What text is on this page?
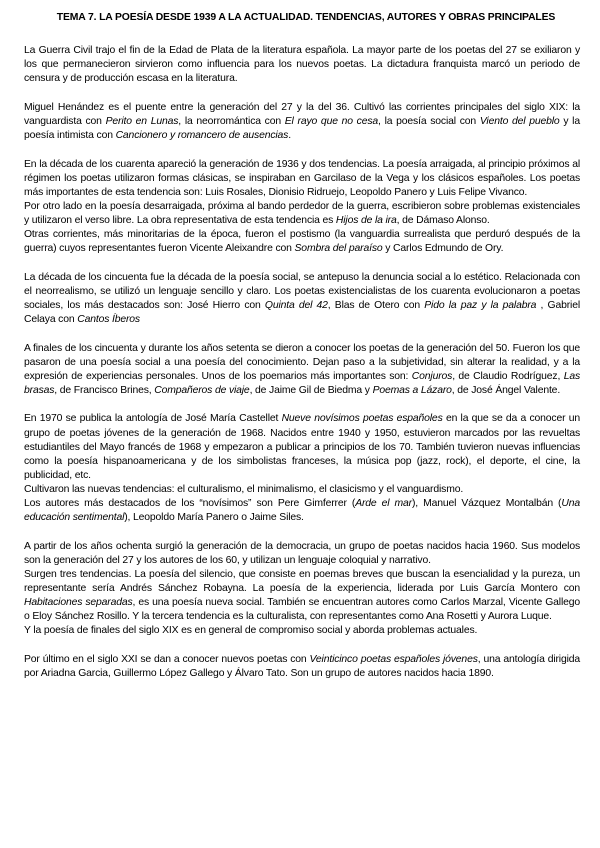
TEMA 7. LA POESÍA DESDE 1939 A LA ACTUALIDAD. TENDENCIAS, AUTORES Y OBRAS PRINCIPALES

La Guerra Civil trajo el fin de la Edad de Plata de la literatura española. La mayor parte de los poetas del 27 se exiliaron y los que permanecieron sirvieron como influencia para los nuevos poetas. La dictadura franquista marcó un periodo de censura y de producción escasa en la literatura.

Miguel Henández es el puente entre la generación del 27 y la del 36. Cultivó las corrientes principales del siglo XIX: la vanguardista con Perito en Lunas, la neorromántica con El rayo que no cesa, la poesía social con Viento del pueblo y la poesía intimista con Cancionero y romancero de ausencias.

En la década de los cuarenta apareció la generación de 1936 y dos tendencias. La poesía arraigada, al principio próximos al régimen los poetas utilizaron formas clásicas, se inspiraban en Garcilaso de la Vega y los clásicos españoles. Los poetas más importantes de esta tendencia son: Luis Rosales, Dionisio Ridruejo, Leopoldo Panero y Luis Felipe Vivanco.

Por otro lado en la poesía desarraigada, próxima al bando perdedor de la guerra, escribieron sobre problemas existenciales y utilizaron el verso libre. La obra representativa de esta tendencia es Hijos de la ira, de Dámaso Alonso.

Otras corrientes, más minoritarias de la época, fueron el postismo (la vanguardia surrealista que perduró después de la guerra) cuyos representantes fueron Vicente Aleixandre con Sombra del paraíso y Carlos Edmundo de Ory.

La década de los cincuenta fue la década de la poesía social, se antepuso la denuncia social a lo estético. Relacionada con el neorrealismo, se utilizó un lenguaje sencillo y claro. Los poetas existencialistas de los cuarenta evolucionaron a poetas sociales, los más destacados son: José Hierro con Quinta del 42, Blas de Otero con Pido la paz y la palabra , Gabriel Celaya con Cantos Íberos

A finales de los cincuenta y durante los años setenta se dieron a conocer los poetas de la generación del 50. Fueron los que pasaron de una poesía social a una poesía del conocimiento. Dejan paso a la subjetividad, sin alterar la realidad, y a la expresión de experiencias personales. Unos de los poemarios más importantes son: Conjuros, de Claudio Rodríguez, Las brasas, de Francisco Brines, Compañeros de viaje, de Jaime Gil de Biedma y Poemas a Lázaro, de José Ángel Valente.

En 1970 se publica la antología de José María Castellet Nueve novísimos poetas españoles en la que se da a conocer un grupo de poetas jóvenes de la generación de 1968. Nacidos entre 1940 y 1950, estuvieron marcados por las revueltas estudiantiles del Mayo francés de 1968 y empezaron a publicar a principios de los 70. También tuvieron nuevas influencias como la poesía hispanoamericana y de los simbolistas franceses, la música pop (jazz, rock), el deporte, el cine, la publicidad, etc.

Cultivaron las nuevas tendencias: el culturalismo, el minimalismo, el clasicismo y el vanguardismo.

Los autores más destacados de los “novísimos” son Pere Gimferrer (Arde el mar), Manuel Vázquez Montalbán (Una educación sentimental), Leopoldo María Panero o Jaime Siles.

A partir de los años ochenta surgió la generación de la democracia, un grupo de poetas nacidos hacia 1960. Sus modelos son la generación del 27 y los autores de los 60, y utilizan un lenguaje coloquial y narrativo.

Surgen tres tendencias. La poesía del silencio, que consiste en poemas breves que buscan la esencialidad y la pureza, un representante sería Andrés Sánchez Robayna. La poesía de la experiencia, liderada por Luis García Montero con Habitaciones separadas, es una poesía nueva social. También se encuentran autores como Carlos Marzal, Vicente Gallego o Eloy Sánchez Rosillo. Y la tercera tendencia es la culturalista, con representantes como Ana Rosetti y Aurora Luque.

Y la poesía de finales del siglo XIX es en general de compromiso social y aborda problemas actuales.

Por último en el siglo XXI se dan a conocer nuevos poetas con Veinticinco poetas españoles jóvenes, una antología dirigida por Ariadna Garcia, Guillermo López Gallego y Álvaro Tato. Son un grupo de autores nacidos hacia 1890.
